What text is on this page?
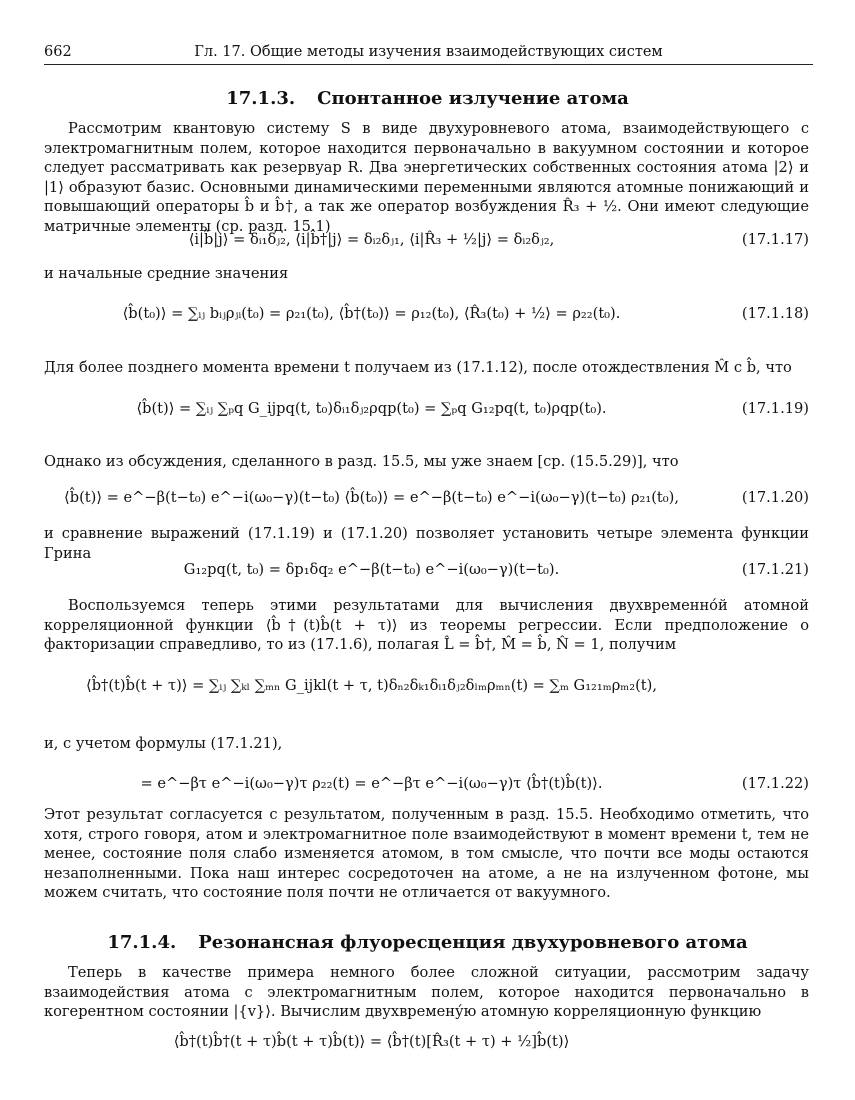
662	Гл. 17. Общие методы изучения взаимодействующих систем
17.1.3. Спонтанное излучение атома

Рассмотрим квантовую систему S в виде двухуровневого атома, взаимодействующего с электромагнитным полем, которое находится первоначально в вакуумном состоянии и которое следует рассматривать как резервуар R. Два энергетических собственных состояния атома |2⟩ и |1⟩ образуют базис. Основными динамическими переменными являются атомные понижающий и повышающий операторы b̂ и b̂†, а так же оператор возбуждения R̂₃ + ½. Они имеют следующие матричные элементы (ср. разд. 15.1)

⟨i|b̂|j⟩ = δᵢ₁δⱼ₂, ⟨i|b̂†|j⟩ = δᵢ₂δⱼ₁, ⟨i|R̂₃ + ½|j⟩ = δᵢ₂δⱼ₂,	(17.1.17)

и начальные средние значения

⟨b̂(t₀)⟩ = ∑ᵢⱼ bᵢⱼρⱼᵢ(t₀) = ρ₂₁(t₀), ⟨b̂†(t₀)⟩ = ρ₁₂(t₀), ⟨R̂₃(t₀) + ½⟩ = ρ₂₂(t₀).	(17.1.18)

Для более позднего момента времени t получаем из (17.1.12), после отождествления M̂ с b̂, что

⟨b̂(t)⟩ = ∑ᵢⱼ ∑ₚq G_ijpq(t, t₀)δᵢ₁δⱼ₂ρqp(t₀) = ∑ₚq G₁₂pq(t, t₀)ρqp(t₀).	(17.1.19)

Однако из обсуждения, сделанного в разд. 15.5, мы уже знаем [ср. (15.5.29)], что

⟨b̂(t)⟩ = e^−β(t−t₀) e^−i(ω₀−γ)(t−t₀) ⟨b̂(t₀)⟩ = e^−β(t−t₀) e^−i(ω₀−γ)(t−t₀) ρ₂₁(t₀),	(17.1.20)

и сравнение выражений (17.1.19) и (17.1.20) позволяет установить четыре элемента функции Грина

G₁₂pq(t, t₀) = δp₁δq₂ e^−β(t−t₀) e^−i(ω₀−γ)(t−t₀).	(17.1.21)

Воспользуемся теперь этими результатами для вычисления двухвременно́й атомной корреляционной функции ⟨b̂†(t)b̂(t + τ)⟩ из теоремы регрессии. Если предположение о факторизации справедливо, то из (17.1.6), полагая L̂ = b̂†, M̂ = b̂, N̂ = 1, получим

⟨b̂†(t)b̂(t + τ)⟩ = ∑ᵢⱼ ∑ₖₗ ∑ₘₙ G_ijkl(t + τ, t)δₙ₂δₖ₁δᵢ₁δⱼ₂δₗₘρₘₙ(t) = ∑ₘ G₁₂₁ₘρₘ₂(t),

и, с учетом формулы (17.1.21),

= e^−βτ e^−i(ω₀−γ)τ ρ₂₂(t) = e^−βτ e^−i(ω₀−γ)τ ⟨b̂†(t)b̂(t)⟩.	(17.1.22)

Этот результат согласуется с результатом, полученным в разд. 15.5. Необходимо отметить, что хотя, строго говоря, атом и электромагнитное поле взаимодействуют в момент времени t, тем не менее, состояние поля слабо изменяется атомом, в том смысле, что почти все моды остаются незаполненными. Пока наш интерес сосредоточен на атоме, а не на излученном фотоне, мы можем считать, что состояние поля почти не отличается от вакуумного.

17.1.4. Резонансная флуоресценция двухуровневого атома

Теперь в качестве примера немного более сложной ситуации, рассмотрим задачу взаимодействия атома с электромагнитным полем, которое находится первоначально в когерентном состоянии |{v}⟩. Вычислим двухвремену́ю атомную корреляционную функцию

⟨b̂†(t)b̂†(t + τ)b̂(t + τ)b̂(t)⟩ = ⟨b̂†(t)[R̂₃(t + τ) + ½]b̂(t)⟩
